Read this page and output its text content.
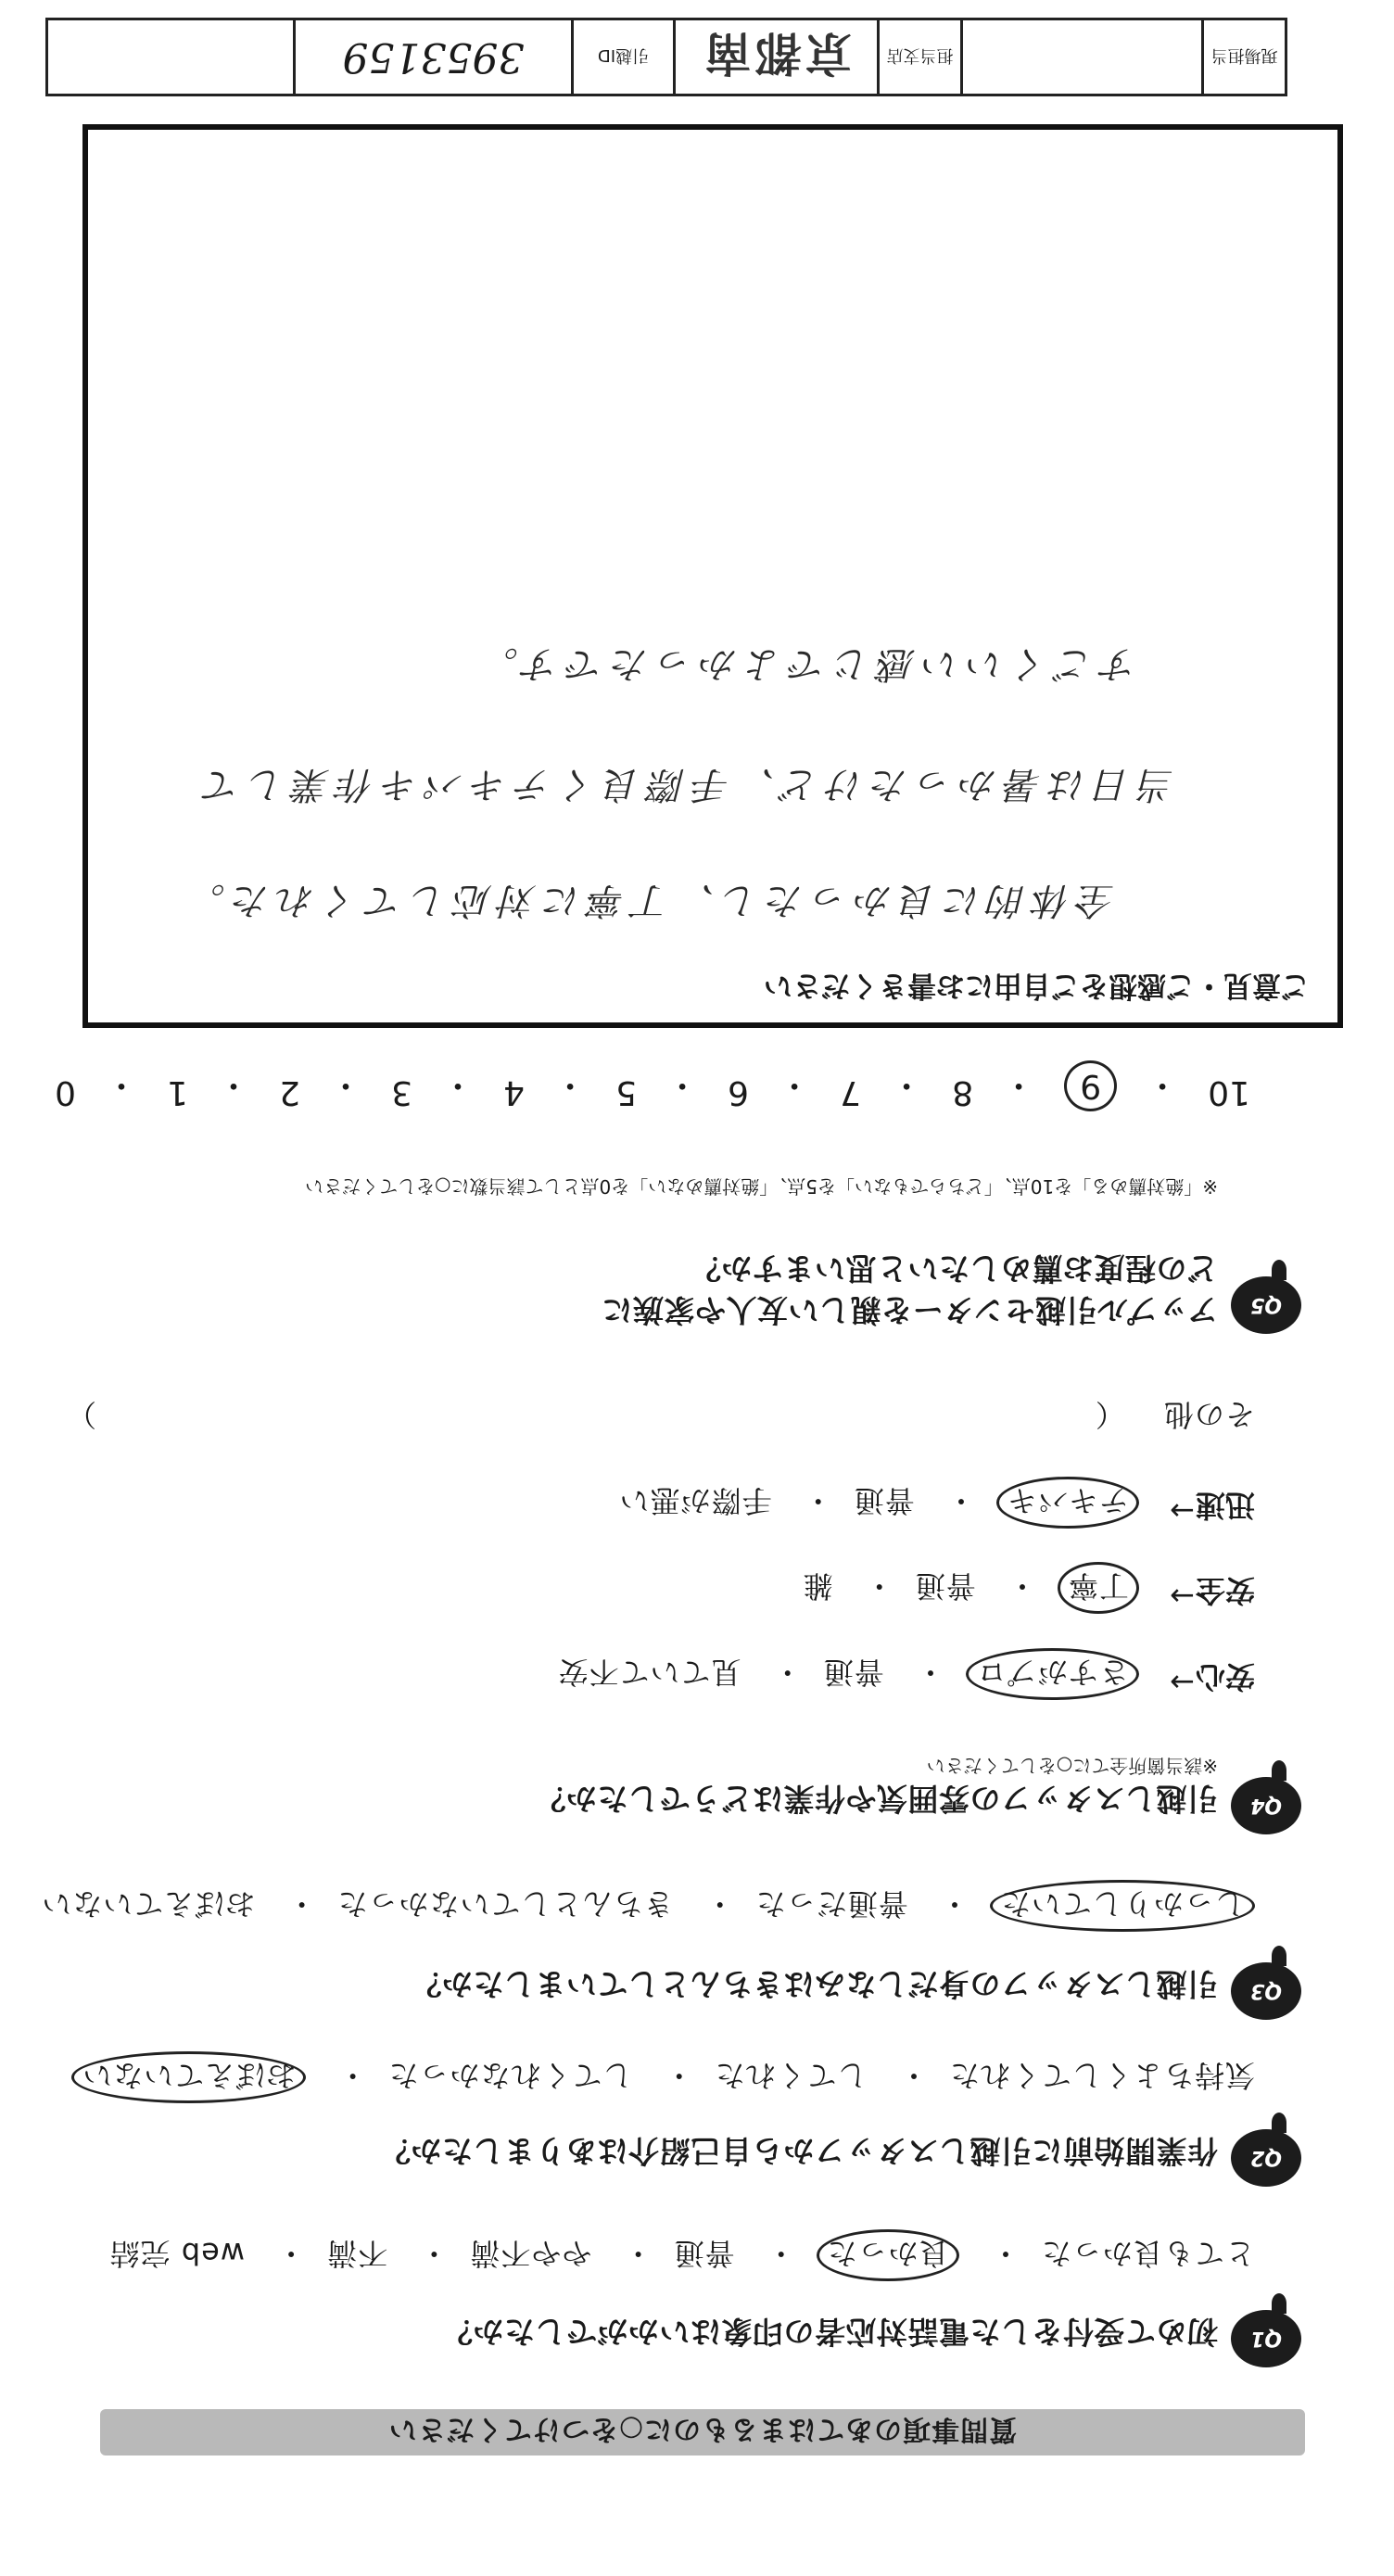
質問事項のあてはまるものに○をつけてください
Q1
初めて受付をした電話対応者の印象はいかがでしたか？
とても良かった・ 良かった・ 普通・ やや不満・ 不満・ web 完結
Q2
作業開始前に引越しスタッフから自己紹介はありましたか？
気持ちよくしてくれた・ してくれた・ してくれなかった・ おぼえていない
Q3
引越しスタッフの身だしなみはきちんとしていましたか？
しっかりしていた・ 普通だった・ きちんとしていなかった・ おぼえていない
Q4
引越しスタッフの雰囲気や作業はどうでしたか？
※該当箇所全てに○をしてください
安心
→
さすがプロ・ 普通・ 見ていて不安
安全
→
丁寧・ 普通・ 雑
迅速
→
テキパキ・ 普通・ 手際が悪い
その他 （
）
Q5
アップル引越センターを親しい友人や家族に
どの程度お薦めしたいと思いますか？
※「絶対薦める」を10点、「どちらでもない」を5点、「絶対薦めない」を0点として該当数に○をしてください
10
・
9
・
8
・
7
・
6
・
5
・
4
・
3
・
2
・
1
・
0
ご意見・ご感想をご自由にお書きください
全体的に良かったし、丁寧に対応してくれた。
当日は暑かったけど、手際良くテキパキ作業して
すごくいい感じでよかったです。
現場担当
担当支店
京都南
引越ID
3953159
